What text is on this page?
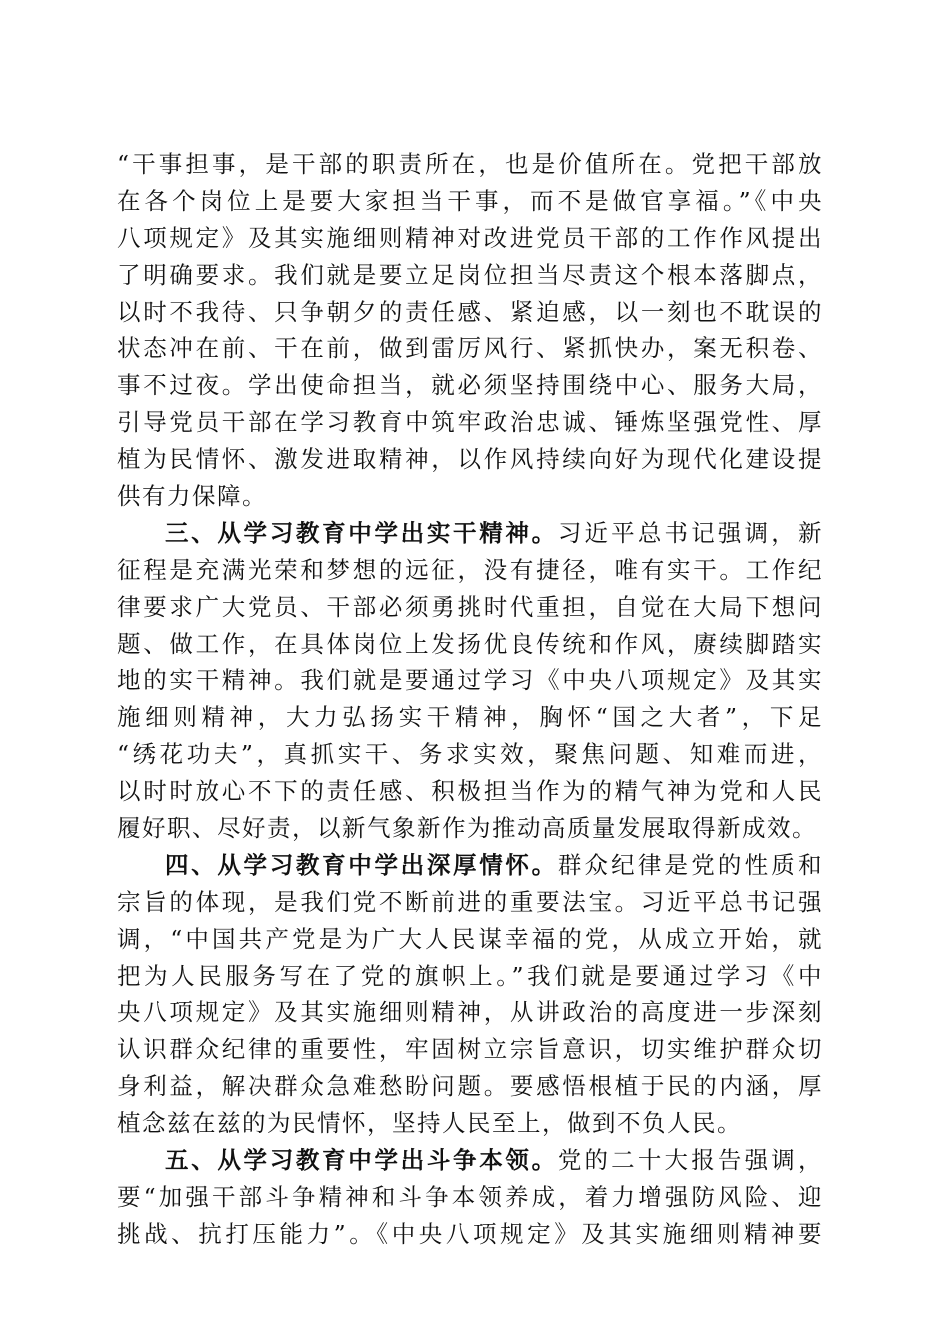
“干事担事，是干部的职责所在，也是价值所在。党把干部放
在各个岗位上是要大家担当干事，而不是做官享福。”《中央
八项规定》及其实施细则精神对改进党员干部的工作作风提出
了明确要求。我们就是要立足岗位担当尽责这个根本落脚点，
以时不我待、只争朝夕的责任感、紧迫感，以一刻也不耽误的
状态冲在前、干在前，做到雷厉风行、紧抓快办，案无积卷、
事不过夜。学出使命担当，就必须坚持围绕中心、服务大局，
引导党员干部在学习教育中筑牢政治忠诚、锤炼坚强党性、厚
植为民情怀、激发进取精神，以作风持续向好为现代化建设提
供有力保障。
三、从学习教育中学出实干精神。习近平总书记强调，新
征程是充满光荣和梦想的远征，没有捷径，唯有实干。工作纪
律要求广大党员、干部必须勇挑时代重担，自觉在大局下想问
题、做工作，在具体岗位上发扬优良传统和作风，赓续脚踏实
地的实干精神。我们就是要通过学习《中央八项规定》及其实
施细则精神，大力弘扬实干精神，胸怀“国之大者”，下足
“绣花功夫”，真抓实干、务求实效，聚焦问题、知难而进，
以时时放心不下的责任感、积极担当作为的精气神为党和人民
履好职、尽好责，以新气象新作为推动高质量发展取得新成效。
四、从学习教育中学出深厚情怀。群众纪律是党的性质和
宗旨的体现，是我们党不断前进的重要法宝。习近平总书记强
调，“中国共产党是为广大人民谋幸福的党，从成立开始，就
把为人民服务写在了党的旗帜上。”我们就是要通过学习《中
央八项规定》及其实施细则精神，从讲政治的高度进一步深刻
认识群众纪律的重要性，牢固树立宗旨意识，切实维护群众切
身利益，解决群众急难愁盼问题。要感悟根植于民的内涵，厚
植念兹在兹的为民情怀，坚持人民至上，做到不负人民。
五、从学习教育中学出斗争本领。党的二十大报告强调，
要“加强干部斗争精神和斗争本领养成，着力增强防风险、迎
挑战、抗打压能力”。《中央八项规定》及其实施细则精神要
